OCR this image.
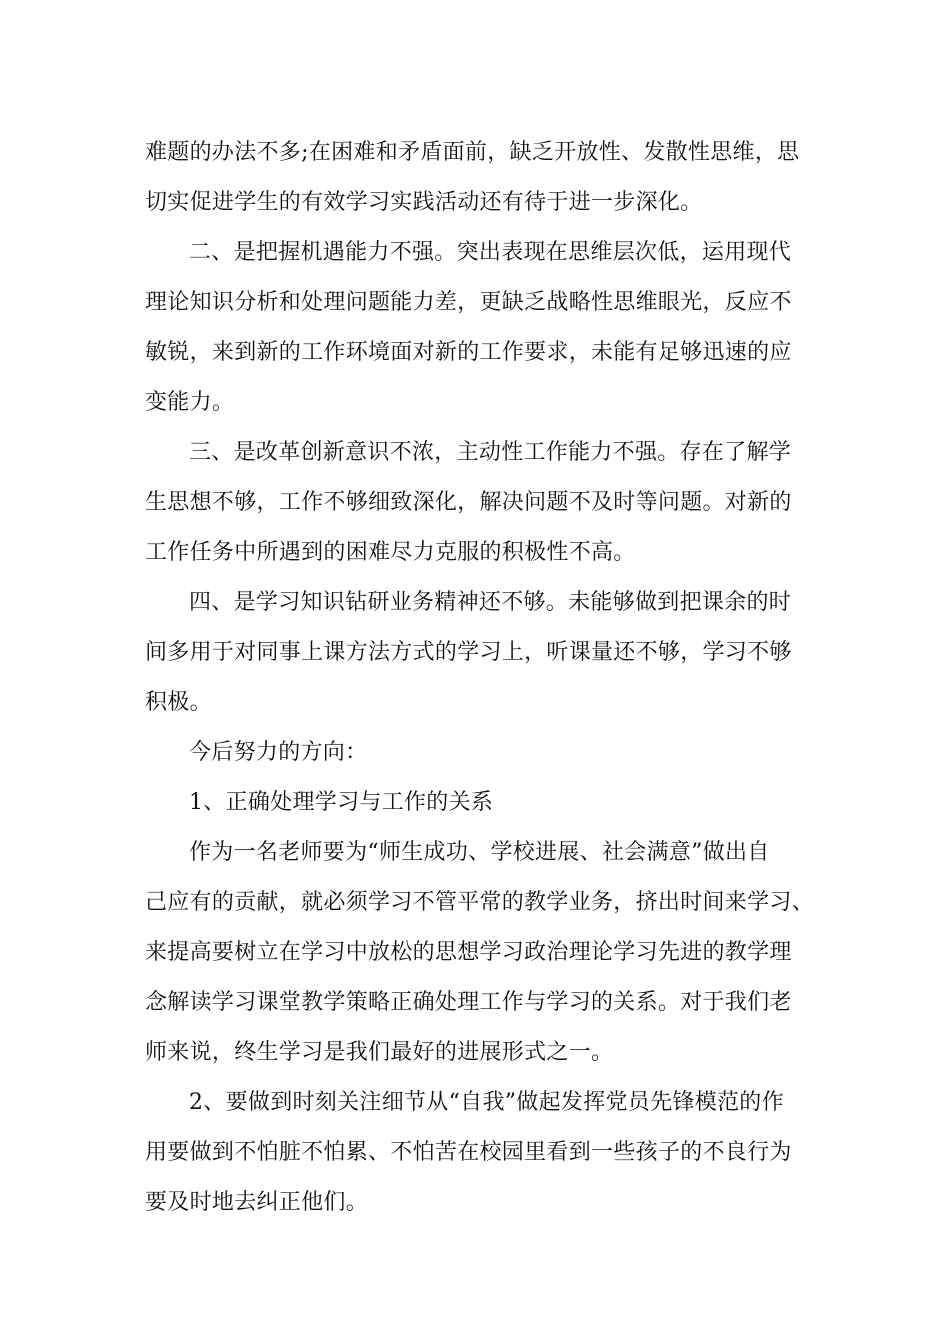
难题的办法不多;在困难和矛盾面前，缺乏开放性、发散性思维，思
切实促进学生的有效学习实践活动还有待于进一步深化。
二、是把握机遇能力不强。突出表现在思维层次低，运用现代
理论知识分析和处理问题能力差，更缺乏战略性思维眼光，反应不
敏锐，来到新的工作环境面对新的工作要求，未能有足够迅速的应
变能力。
三、是改革创新意识不浓，主动性工作能力不强。存在了解学
生思想不够，工作不够细致深化，解决问题不及时等问题。对新的
工作任务中所遇到的困难尽力克服的积极性不高。
四、是学习知识钻研业务精神还不够。未能够做到把课余的时
间多用于对同事上课方法方式的学习上，听课量还不够，学习不够
积极。
今后努力的方向：
1、正确处理学习与工作的关系
作为一名老师要为“师生成功、学校进展、社会满意”做出自
己应有的贡献，就必须学习不管平常的教学业务，挤出时间来学习、
来提高要树立在学习中放松的思想学习政治理论学习先进的教学理
念解读学习课堂教学策略正确处理工作与学习的关系。对于我们老
师来说，终生学习是我们最好的进展形式之一。
2、要做到时刻关注细节从“自我”做起发挥党员先锋模范的作
用要做到不怕脏不怕累、不怕苦在校园里看到一些孩子的不良行为
要及时地去纠正他们。
